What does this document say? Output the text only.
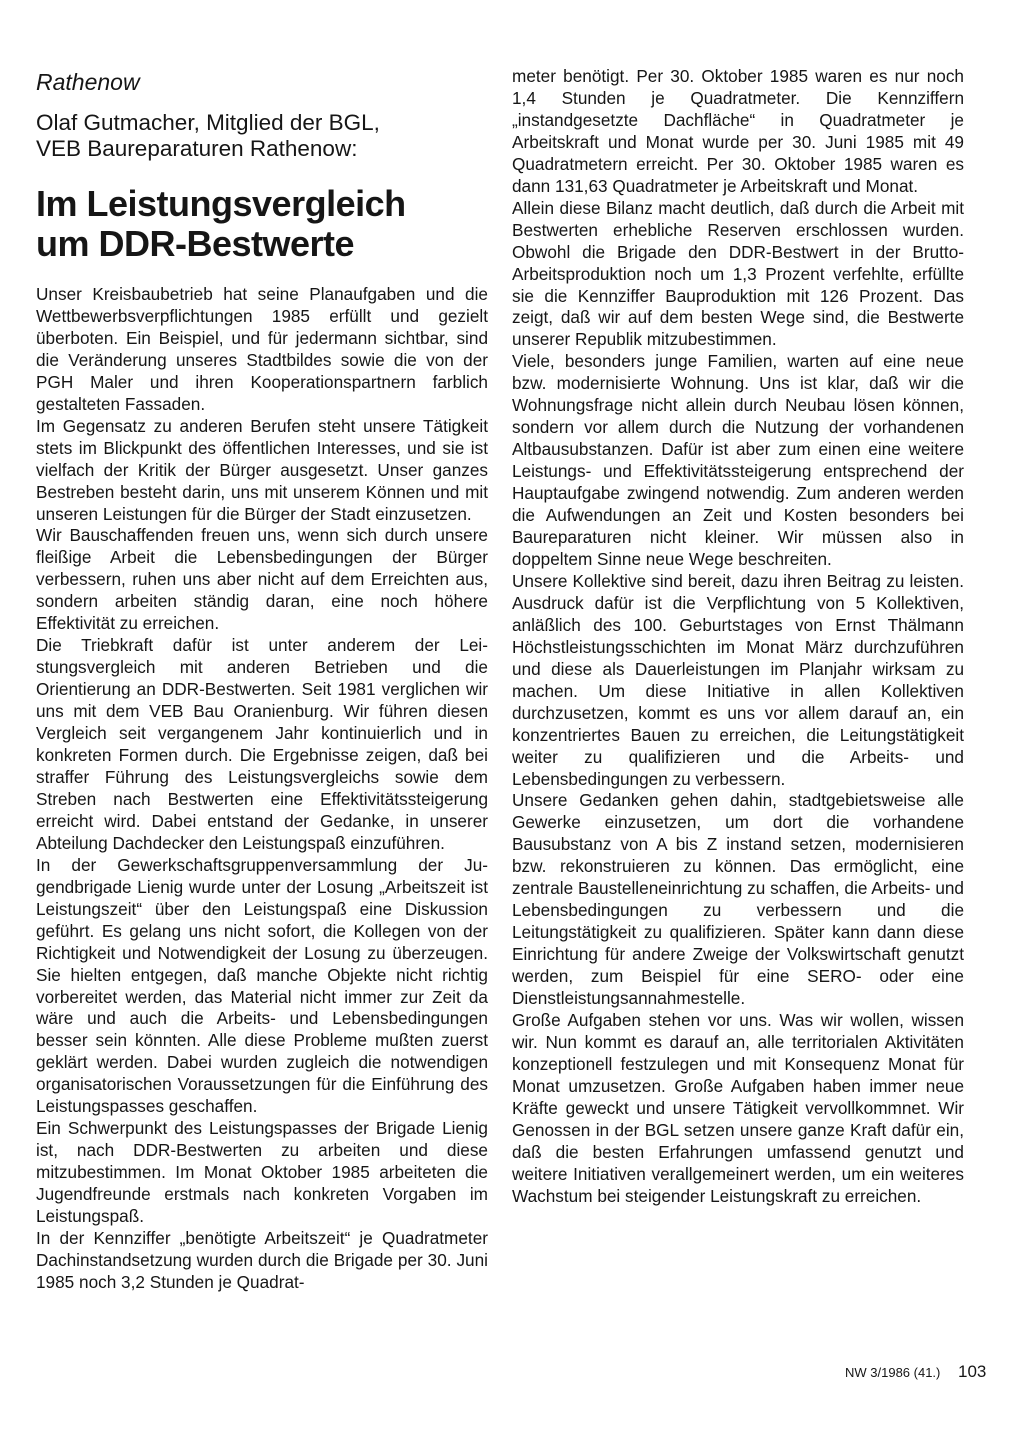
Rathenow

Olaf Gutmacher, Mitglied der BGL,
VEB Baureparaturen Rathenow:
Im Leistungsvergleich
um DDR-Bestwerte

Unser Kreisbaubetrieb hat seine Planaufgaben und die Wettbewerbsverpflichtungen 1985 erfüllt und gezielt überboten. Ein Beispiel, und für jedermann sichtbar, sind die Veränderung unseres Stadtbildes sowie die von der PGH Maler und ihren Kooperationspartnern farblich gestalteten Fassaden.

Im Gegensatz zu anderen Berufen steht unsere Tätigkeit stets im Blickpunkt des öffentlichen Interesses, und sie ist vielfach der Kritik der Bürger ausgesetzt. Unser ganzes Bestreben besteht darin, uns mit unserem Können und mit unseren Leistungen für die Bürger der Stadt einzusetzen.

Wir Bauschaffenden freuen uns, wenn sich durch unsere fleißige Arbeit die Lebensbedingungen der Bürger verbessern, ruhen uns aber nicht auf dem Erreichten aus, sondern arbeiten ständig daran, eine noch höhere Effektivität zu erreichen.

Die Triebkraft dafür ist unter anderem der Leistungsvergleich mit anderen Betrieben und die Orientierung an DDR-Bestwerten. Seit 1981 verglichen wir uns mit dem VEB Bau Oranienburg. Wir führen diesen Vergleich seit vergangenem Jahr kontinuierlich und in konkreten Formen durch. Die Ergebnisse zeigen, daß bei straffer Führung des Leistungsvergleichs sowie dem Streben nach Bestwerten eine Effektivitätssteigerung erreicht wird. Dabei entstand der Gedanke, in unserer Abteilung Dachdecker den Leistungspaß einzuführen.

In der Gewerkschaftsgruppenversammlung der Jugendbrigade Lienig wurde unter der Losung „Arbeitszeit ist Leistungszeit“ über den Leistungspaß eine Diskussion geführt. Es gelang uns nicht sofort, die Kollegen von der Richtigkeit und Notwendigkeit der Losung zu überzeugen. Sie hielten entgegen, daß manche Objekte nicht richtig vorbereitet werden, das Material nicht immer zur Zeit da wäre und auch die Arbeits- und Lebensbedingungen besser sein könnten. Alle diese Probleme mußten zuerst geklärt werden. Dabei wurden zugleich die notwendigen organisatorischen Voraussetzungen für die Einführung des Leistungspasses geschaffen.

Ein Schwerpunkt des Leistungspasses der Brigade Lienig ist, nach DDR-Bestwerten zu arbeiten und diese mitzubestimmen. Im Monat Oktober 1985 arbeiteten die Jugendfreunde erstmals nach konkreten Vorgaben im Leistungspaß.

In der Kennziffer „benötigte Arbeitszeit“ je Quadratmeter Dachinstandsetzung wurden durch die Brigade per 30. Juni 1985 noch 3,2 Stunden je Quadrat-

meter benötigt. Per 30. Oktober 1985 waren es nur noch 1,4 Stunden je Quadratmeter. Die Kennziffern „instandgesetzte Dachfläche“ in Quadratmeter je Arbeitskraft und Monat wurde per 30. Juni 1985 mit 49 Quadratmetern erreicht. Per 30. Oktober 1985 waren es dann 131,63 Quadratmeter je Arbeitskraft und Monat.

Allein diese Bilanz macht deutlich, daß durch die Arbeit mit Bestwerten erhebliche Reserven erschlossen wurden. Obwohl die Brigade den DDR-Bestwert in der Brutto-Arbeitsproduktion noch um 1,3 Prozent verfehlte, erfüllte sie die Kennziffer Bauproduktion mit 126 Prozent. Das zeigt, daß wir auf dem besten Wege sind, die Bestwerte unserer Republik mitzubestimmen.

Viele, besonders junge Familien, warten auf eine neue bzw. modernisierte Wohnung. Uns ist klar, daß wir die Wohnungsfrage nicht allein durch Neubau lösen können, sondern vor allem durch die Nutzung der vorhandenen Altbausubstanzen. Dafür ist aber zum einen eine weitere Leistungs- und Effektivitätssteigerung entsprechend der Hauptaufgabe zwingend notwendig. Zum anderen werden die Aufwendungen an Zeit und Kosten besonders bei Baureparaturen nicht kleiner. Wir müssen also in doppeltem Sinne neue Wege beschreiten.

Unsere Kollektive sind bereit, dazu ihren Beitrag zu leisten. Ausdruck dafür ist die Verpflichtung von 5 Kollektiven, anläßlich des 100. Geburtstages von Ernst Thälmann Höchstleistungsschichten im Monat März durchzuführen und diese als Dauerleistungen im Planjahr wirksam zu machen. Um diese Initiative in allen Kollektiven durchzusetzen, kommt es uns vor allem darauf an, ein konzentriertes Bauen zu erreichen, die Leitungstätigkeit weiter zu qualifizieren und die Arbeits- und Lebensbedingungen zu verbessern.

Unsere Gedanken gehen dahin, stadtgebietsweise alle Gewerke einzusetzen, um dort die vorhandene Bausubstanz von A bis Z instand setzen, modernisieren bzw. rekonstruieren zu können. Das ermöglicht, eine zentrale Baustelleneinrichtung zu schaffen, die Arbeits- und Lebensbedingungen zu verbessern und die Leitungstätigkeit zu qualifizieren. Später kann dann diese Einrichtung für andere Zweige der Volkswirtschaft genutzt werden, zum Beispiel für eine SERO- oder eine Dienstleistungsannahmestelle.

Große Aufgaben stehen vor uns. Was wir wollen, wissen wir. Nun kommt es darauf an, alle territorialen Aktivitäten konzeptionell festzulegen und mit Konsequenz Monat für Monat umzusetzen. Große Aufgaben haben immer neue Kräfte geweckt und unsere Tätigkeit vervollkommnet. Wir Genossen in der BGL setzen unsere ganze Kraft dafür ein, daß die besten Erfahrungen umfassend genutzt und weitere Initiativen verallgemeinert werden, um ein weiteres Wachstum bei steigender Leistungskraft zu erreichen.

NW 3/1986 (41.) 103
